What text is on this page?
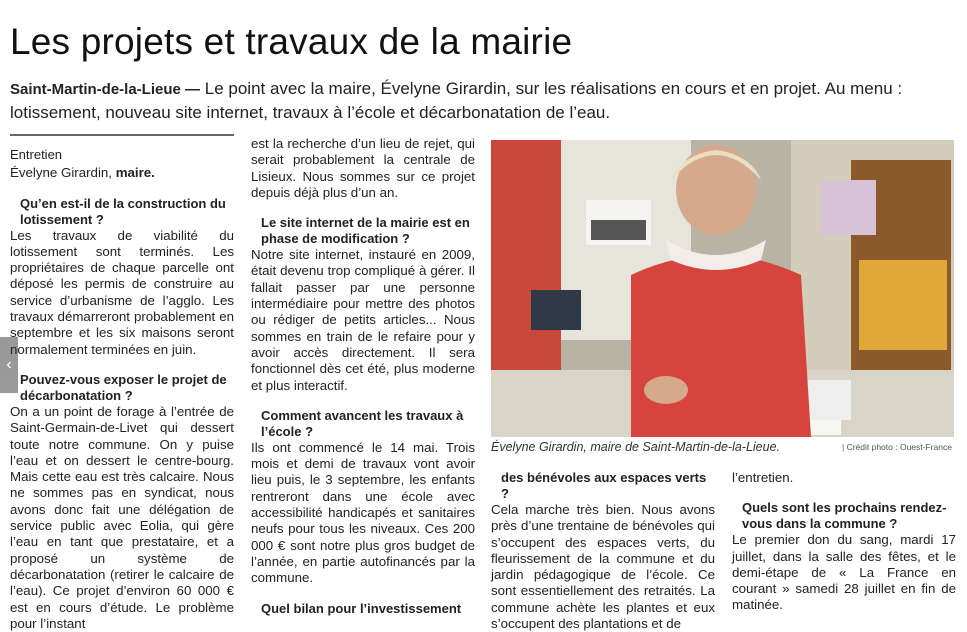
Les projets et travaux de la mairie
Saint-Martin-de-la-Lieue — Le point avec la maire, Évelyne Girardin, sur les réalisations en cours et en projet. Au menu : lotissement, nouveau site internet, travaux à l’école et décarbonatation de l’eau.
‹
Entretien
Évelyne Girardin, maire.

Qu’en est-il de la construction du lotissement ?

Les travaux de viabilité du lotissement sont terminés. Les propriétaires de chaque parcelle ont déposé les permis de construire au service d’urbanisme de l’agglo. Les travaux démarreront probablement en septembre et les six maisons seront normalement terminées en juin.

Pouvez-vous exposer le projet de décarbonatation ?

On a un point de forage à l’entrée de Saint-Germain-de-Livet qui dessert toute notre commune. On y puise l’eau et on dessert le centre-bourg. Mais cette eau est très calcaire. Nous ne sommes pas en syndicat, nous avons donc fait une délégation de service public avec Eolia, qui gère l’eau en tant que prestataire, et a proposé un système de décarbonatation (retirer le calcaire de l’eau). Ce projet d’environ 60 000 € est en cours d’étude. Le problème pour l’instant

est la recherche d’un lieu de rejet, qui serait probablement la centrale de Lisieux. Nous sommes sur ce projet depuis déjà plus d’un an.

Le site internet de la mairie est en phase de modification ?

Notre site internet, instauré en 2009, était devenu trop compliqué à gérer. Il fallait passer par une personne intermédiaire pour mettre des photos ou rédiger de petits articles... Nous sommes en train de le refaire pour y avoir accès directement. Il sera fonctionnel dès cet été, plus moderne et plus interactif.

Comment avancent les travaux à l’école ?

Ils ont commencé le 14 mai. Trois mois et demi de travaux vont avoir lieu puis, le 3 septembre, les enfants rentreront dans une école avec accessibilité handicapés et sanitaires neufs pour tous les niveaux. Ces 200 000 € sont notre plus gros budget de l’année, en partie autofinancés par la commune.

Quel bilan pour l’investissement

Évelyne Girardin, maire de Saint-Martin-de-la-Lieue.	| Crédit photo : Ouest-France

des bénévoles aux espaces verts ?

Cela marche très bien. Nous avons près d’une trentaine de bénévoles qui s’occupent des espaces verts, du fleurissement de la commune et du jardin pédagogique de l’école. Ce sont essentiellement des retraités. La commune achète les plantes et eux s’occupent des plantations et de

l’entretien.

Quels sont les prochains rendez-vous dans la commune ?

Le premier don du sang, mardi 17 juillet, dans la salle des fêtes, et le demi-étape de « La France en courant » samedi 28 juillet en fin de matinée.
